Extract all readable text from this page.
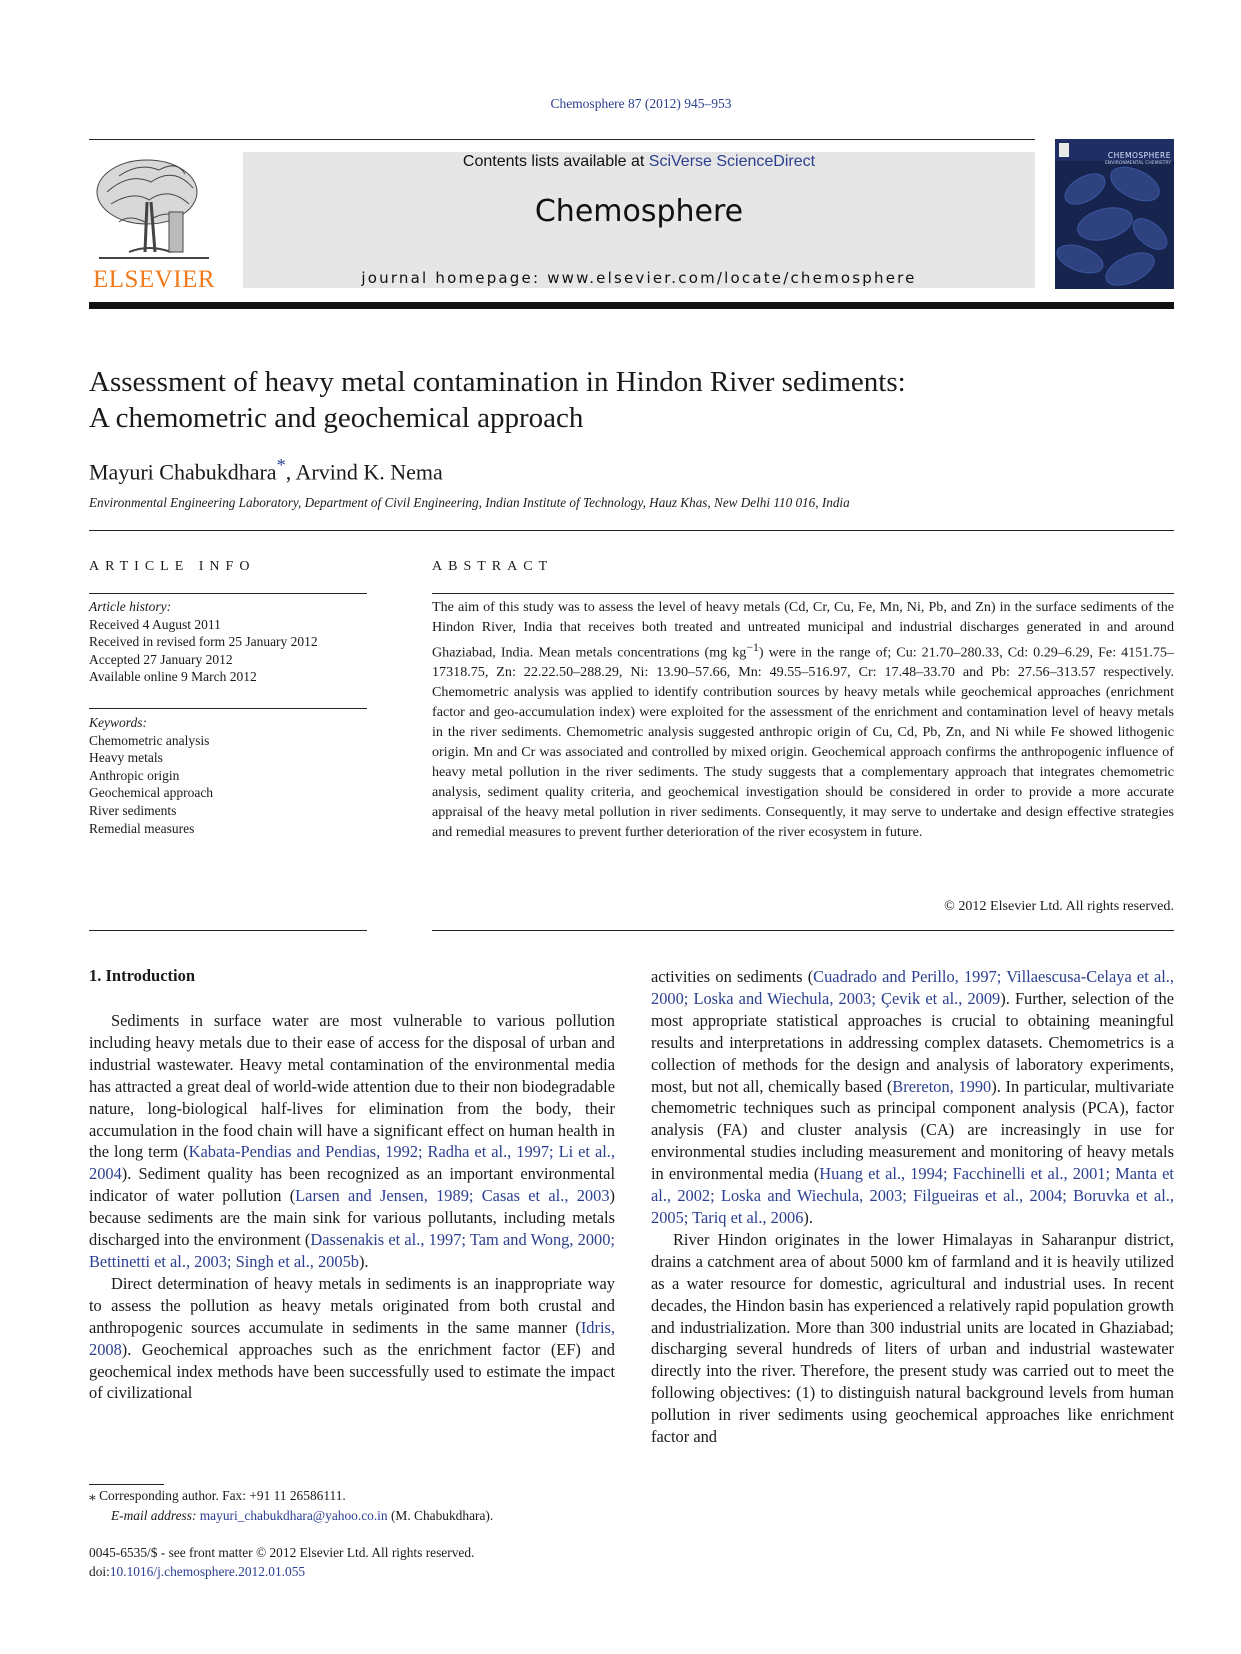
Chemosphere 87 (2012) 945–953
ELSEVIER
Contents lists available at SciVerse ScienceDirect
Chemosphere
journal homepage: www.elsevier.com/locate/chemosphere
CHEMOSPHERE
ENVIRONMENTAL CHEMISTRY
Assessment of heavy metal contamination in Hindon River sediments:
A chemometric and geochemical approach
Mayuri Chabukdhara*, Arvind K. Nema
Environmental Engineering Laboratory, Department of Civil Engineering, Indian Institute of Technology, Hauz Khas, New Delhi 110 016, India
ARTICLE INFO
Article history:
Received 4 August 2011
Received in revised form 25 January 2012
Accepted 27 January 2012
Available online 9 March 2012
Keywords:
Chemometric analysis
Heavy metals
Anthropic origin
Geochemical approach
River sediments
Remedial measures
ABSTRACT
The aim of this study was to assess the level of heavy metals (Cd, Cr, Cu, Fe, Mn, Ni, Pb, and Zn) in the surface sediments of the Hindon River, India that receives both treated and untreated municipal and industrial discharges generated in and around Ghaziabad, India. Mean metals concentrations (mg $kg^{-1}$) were in the range of; Cu: 21.70–280.33, Cd: 0.29–6.29, Fe: 4151.75–17318.75, Zn: 22.22.50–288.29, Ni: 13.90–57.66, Mn: 49.55–516.97, Cr: 17.48–33.70 and Pb: 27.56–313.57 respectively. Chemometric analysis was applied to identify contribution sources by heavy metals while geochemical approaches (enrichment factor and geo-accumulation index) were exploited for the assessment of the enrichment and contamination level of heavy metals in the river sediments. Chemometric analysis suggested anthropic origin of Cu, Cd, Pb, Zn, and Ni while Fe showed lithogenic origin. Mn and Cr was associated and controlled by mixed origin. Geochemical approach confirms the anthropogenic influence of heavy metal pollution in the river sediments. The study suggests that a complementary approach that integrates chemometric analysis, sediment quality criteria, and geochemical investigation should be considered in order to provide a more accurate appraisal of the heavy metal pollution in river sediments. Consequently, it may serve to undertake and design effective strategies and remedial measures to prevent further deterioration of the river ecosystem in future.
© 2012 Elsevier Ltd. All rights reserved.
1. Introduction

Sediments in surface water are most vulnerable to various pollution including heavy metals due to their ease of access for the disposal of urban and industrial wastewater. Heavy metal contamination of the environmental media has attracted a great deal of world-wide attention due to their non biodegradable nature, long-biological half-lives for elimination from the body, their accumulation in the food chain will have a significant effect on human health in the long term (Kabata-Pendias and Pendias, 1992; Radha et al., 1997; Li et al., 2004). Sediment quality has been recognized as an important environmental indicator of water pollution (Larsen and Jensen, 1989; Casas et al., 2003) because sediments are the main sink for various pollutants, including metals discharged into the environment (Dassenakis et al., 1997; Tam and Wong, 2000; Bettinetti et al., 2003; Singh et al., 2005b).

Direct determination of heavy metals in sediments is an inappropriate way to assess the pollution as heavy metals originated from both crustal and anthropogenic sources accumulate in sediments in the same manner (Idris, 2008). Geochemical approaches such as the enrichment factor (EF) and geochemical index methods have been successfully used to estimate the impact of civilizational

activities on sediments (Cuadrado and Perillo, 1997; Villaescusa-Celaya et al., 2000; Loska and Wiechula, 2003; Çevik et al., 2009). Further, selection of the most appropriate statistical approaches is crucial to obtaining meaningful results and interpretations in addressing complex datasets. Chemometrics is a collection of methods for the design and analysis of laboratory experiments, most, but not all, chemically based (Brereton, 1990). In particular, multivariate chemometric techniques such as principal component analysis (PCA), factor analysis (FA) and cluster analysis (CA) are increasingly in use for environmental studies including measurement and monitoring of heavy metals in environmental media (Huang et al., 1994; Facchinelli et al., 2001; Manta et al., 2002; Loska and Wiechula, 2003; Filgueiras et al., 2004; Boruvka et al., 2005; Tariq et al., 2006).

River Hindon originates in the lower Himalayas in Saharanpur district, drains a catchment area of about 5000 km of farmland and it is heavily utilized as a water resource for domestic, agricultural and industrial uses. In recent decades, the Hindon basin has experienced a relatively rapid population growth and industrialization. More than 300 industrial units are located in Ghaziabad; discharging several hundreds of liters of urban and industrial wastewater directly into the river. Therefore, the present study was carried out to meet the following objectives: (1) to distinguish natural background levels from human pollution in river sediments using geochemical approaches like enrichment factor and

⁎ Corresponding author. Fax: +91 11 26586111.
E-mail address: mayuri_chabukdhara@yahoo.co.in (M. Chabukdhara).
0045-6535/$ - see front matter © 2012 Elsevier Ltd. All rights reserved.
doi:10.1016/j.chemosphere.2012.01.055
